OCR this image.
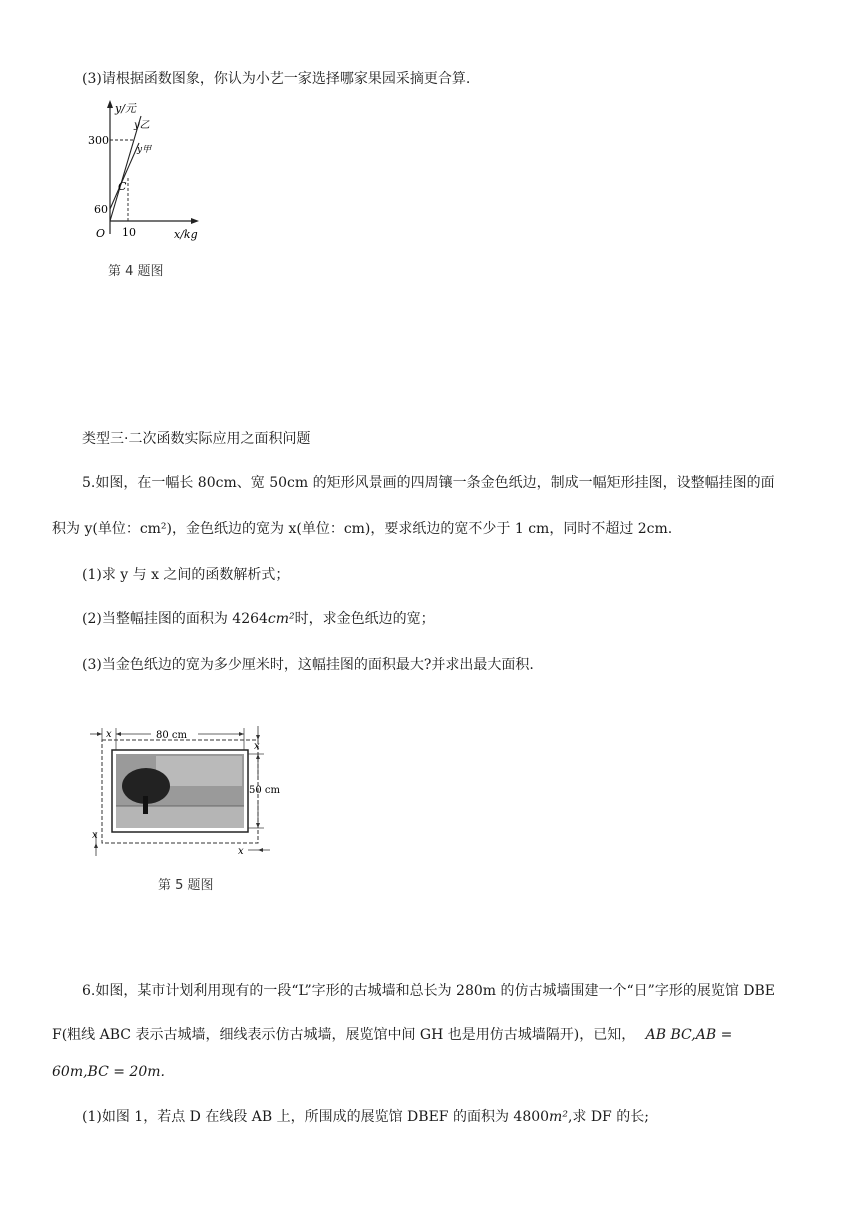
(3)请根据函数图象，你认为小艺一家选择哪家果园采摘更合算.
y/元
x/kg
O
300
60
10
C
y乙
y甲
第 4 题图
类型三·二次函数实际应用之面积问题
5.如图，在一幅长 80cm、宽 50cm 的矩形风景画的四周镶一条金色纸边，制成一幅矩形挂图，设整幅挂图的面
积为 y(单位：cm²)，金色纸边的宽为 x(单位：cm)，要求纸边的宽不少于 1 cm，同时不超过 2cm.
(1)求 y 与 x 之间的函数解析式；
(2)当整幅挂图的面积为 4264cm²时，求金色纸边的宽；
(3)当金色纸边的宽为多少厘米时，这幅挂图的面积最大?并求出最大面积.
80 cm
x
50 cm
x
x
x
第 5 题图
6.如图，某市计划利用现有的一段“L”字形的古城墙和总长为 280m 的仿古城墙围建一个“日”字形的展览馆 DBE
F(粗线 ABC 表示古城墙，细线表示仿古城墙，展览馆中间 GH 也是用仿古城墙隔开)，已知， AB BC,AB =
60m,BC = 20m.
(1)如图 1，若点 D 在线段 AB 上，所围成的展览馆 DBEF 的面积为 4800m²,求 DF 的长;
